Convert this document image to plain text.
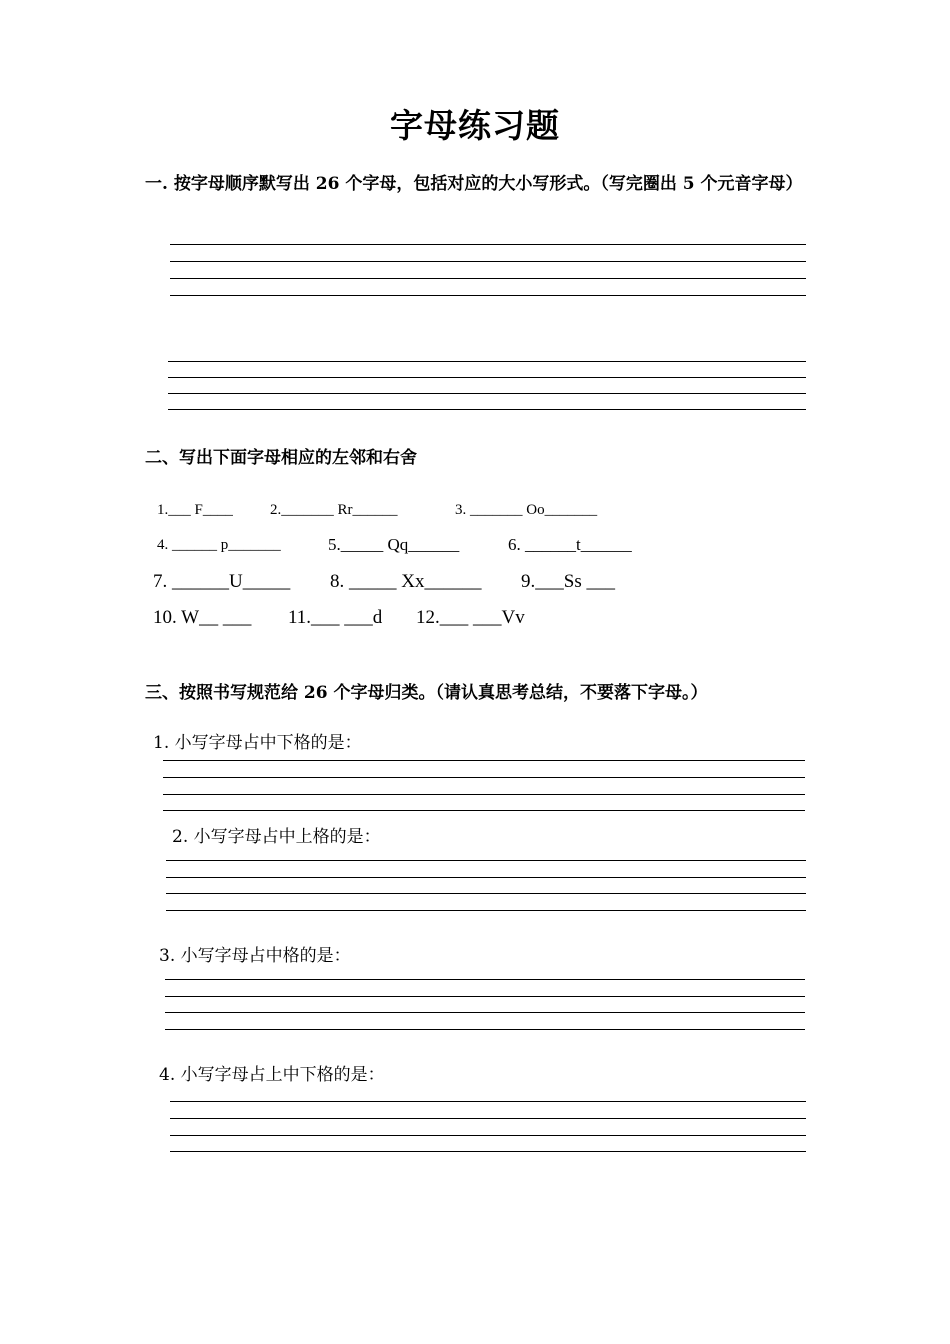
字母练习题
一. 按字母顺序默写出 26 个字母，包括对应的大小写形式。（写完圈出 5 个元音字母）
二、写出下面字母相应的左邻和右舍
1.___ F____ 2._______ Rr______	3. _______ Oo_______
4. ______ p_______	5._____ Qq______	6. ______t______
7. ______U_____ 8. _____ Xx______ 9.___Ss ___
10. W__ ___ 11.___ ___d 12.___ ___Vv
三、按照书写规范给 26 个字母归类。（请认真思考总结，不要落下字母。）
1. 小写字母占中下格的是：
2. 小写字母占中上格的是：
3. 小写字母占中格的是：
4. 小写字母占上中下格的是：
